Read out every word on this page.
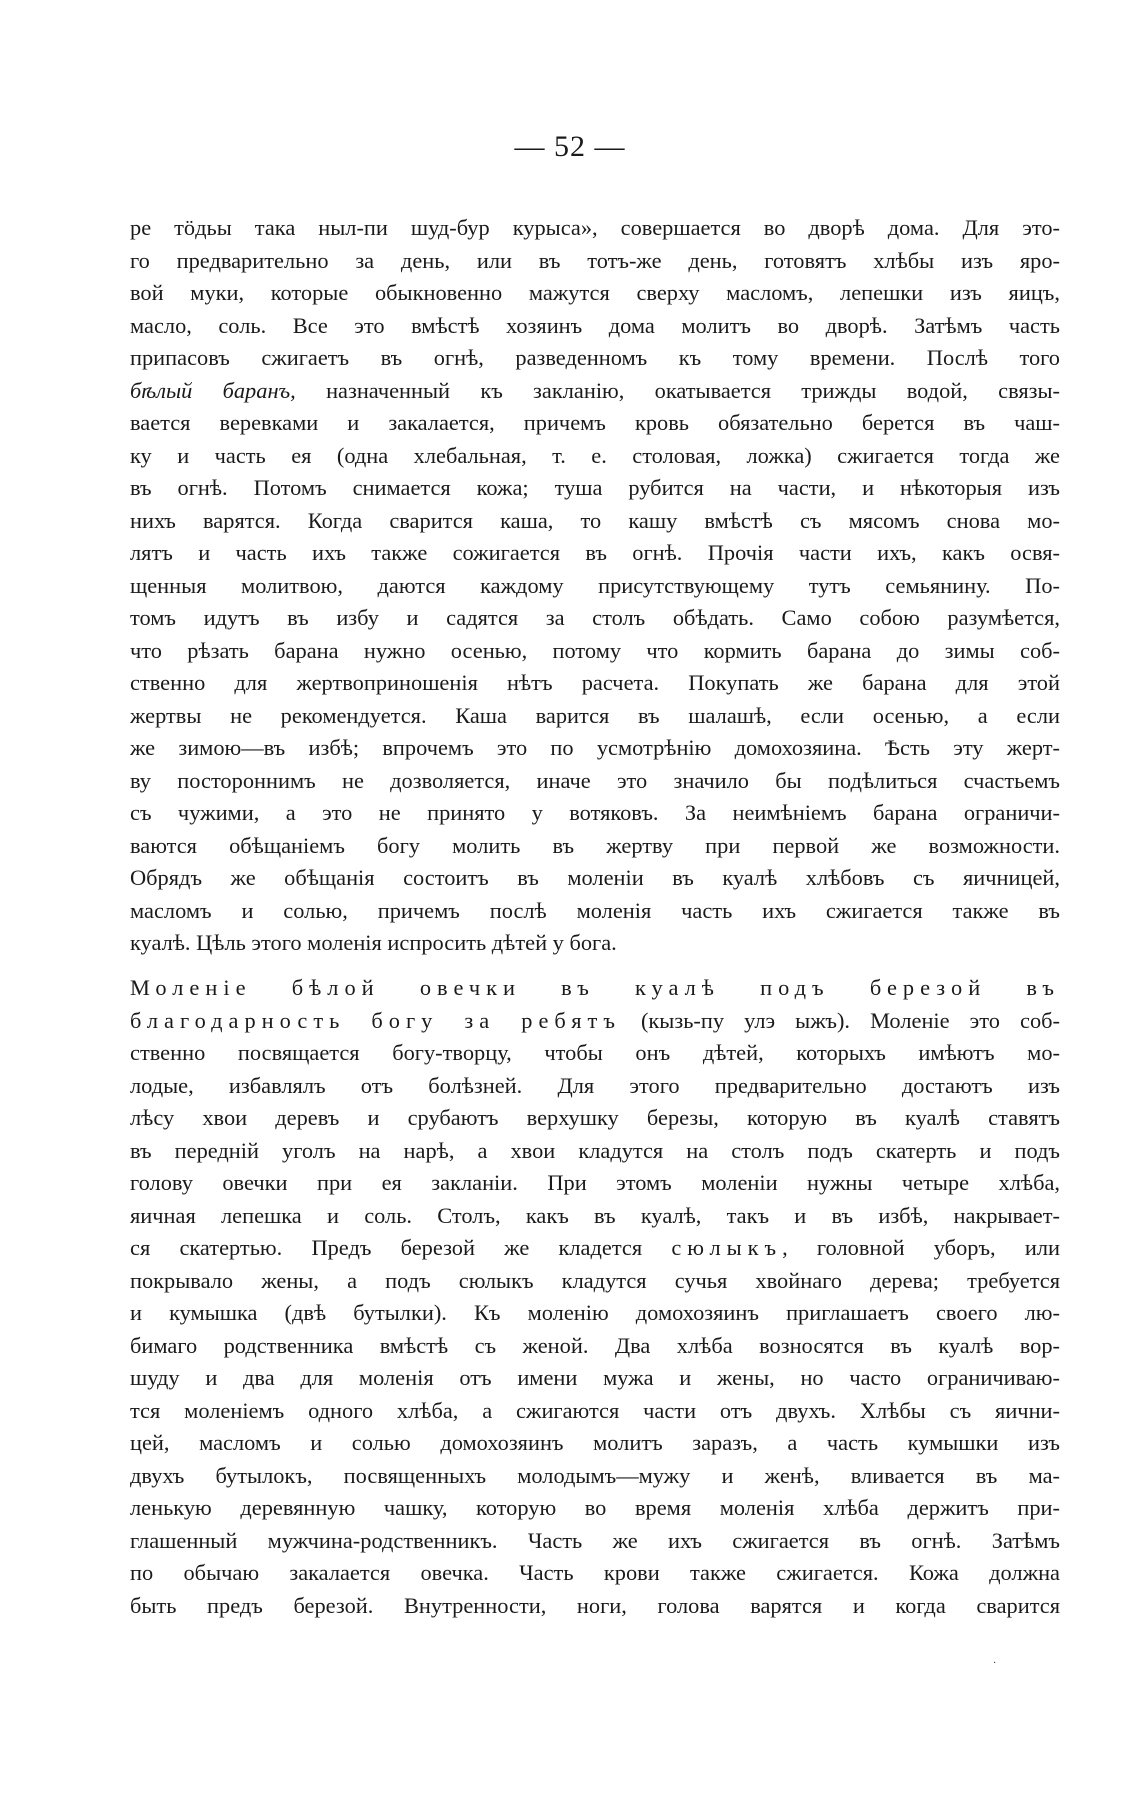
— 52 —
ре тӧдьы така ныл-пи шуд-бур курыса», совершается во дворѣ дома. Для это-
го предварительно за день, или въ тотъ-же день, готовятъ хлѣбы изъ яро-
вой муки, которые обыкновенно мажутся сверху масломъ, лепешки изъ яицъ,
масло, соль. Все это вмѣстѣ хозяинъ дома молитъ во дворѣ. Затѣмъ часть
припасовъ сжигаетъ въ огнѣ, разведенномъ къ тому времени. Послѣ того
бѣлый баранъ, назначенный къ закланію, окатывается трижды водой, связы-
вается веревками и закалается, причемъ кровь обязательно берется въ чаш-
ку и часть ея (одна хлебальная, т. е. столовая, ложка) сжигается тогда же
въ огнѣ. Потомъ снимается кожа; туша рубится на части, и нѣкоторыя изъ
нихъ варятся. Когда сварится каша, то кашу вмѣстѣ съ мясомъ снова мо-
лятъ и часть ихъ также сожигается въ огнѣ. Прочія части ихъ, какъ освя-
щенныя молитвою, даются каждому присутствующему тутъ семьянину. По-
томъ идутъ въ избу и садятся за столъ обѣдать. Само собою разумѣется,
что рѣзать барана нужно осенью, потому что кормить барана до зимы соб-
ственно для жертвоприношенія нѣтъ расчета. Покупать же барана для этой
жертвы не рекомендуется. Каша варится въ шалашѣ, если осенью, а если
же зимою—въ избѣ; впрочемъ это по усмотрѣнію домохозяина. Ѣсть эту жерт-
ву постороннимъ не дозволяется, иначе это значило бы подѣлиться счастьемъ
съ чужими, а это не принято у вотяковъ. За неимѣніемъ барана ограничи-
ваются обѣщаніемъ богу молить въ жертву при первой же возможности.
Обрядъ же обѣщанія состоитъ въ моленіи въ куалѣ хлѣбовъ съ яичницей,
масломъ и солью, причемъ послѣ моленія часть ихъ сжигается также въ
куалѣ. Цѣль этого моленія испросить дѣтей у бога.
Моленіе бѣлой овечки въ куалѣ подъ березой въ
благодарность богу за ребятъ (кызь-пу улэ ыжъ). Моленіе это соб-
ственно посвящается богу-творцу, чтобы онъ дѣтей, которыхъ имѣютъ мо-
лодые, избавлялъ отъ болѣзней. Для этого предварительно достаютъ изъ
лѣсу хвои деревъ и срубаютъ верхушку березы, которую въ куалѣ ставятъ
въ передній уголъ на нарѣ, а хвои кладутся на столъ подъ скатерть и подъ
голову овечки при ея закланіи. При этомъ моленіи нужны четыре хлѣба,
яичная лепешка и соль. Столъ, какъ въ куалѣ, такъ и въ избѣ, накрывает-
ся скатертью. Предъ березой же кладется сюлыкъ, головной уборъ, или
покрывало жены, а подъ сюлыкъ кладутся сучья хвойнаго дерева; требуется
и кумышка (двѣ бутылки). Къ моленію домохозяинъ приглашаетъ своего лю-
бимаго родственника вмѣстѣ съ женой. Два хлѣба возносятся въ куалѣ вор-
шуду и два для моленія отъ имени мужа и жены, но часто ограничиваю-
тся моленіемъ одного хлѣба, а сжигаются части отъ двухъ. Хлѣбы съ яични-
цей, масломъ и солью домохозяинъ молитъ заразъ, а часть кумышки изъ
двухъ бутылокъ, посвященныхъ молодымъ—мужу и женѣ, вливается въ ма-
ленькую деревянную чашку, которую во время моленія хлѣба держитъ при-
глашенный мужчина-родственникъ. Часть же ихъ сжигается въ огнѣ. Затѣмъ
по обычаю закалается овечка. Часть крови также сжигается. Кожа должна
быть предъ березой. Внутренности, ноги, голова варятся и когда сварится
·
